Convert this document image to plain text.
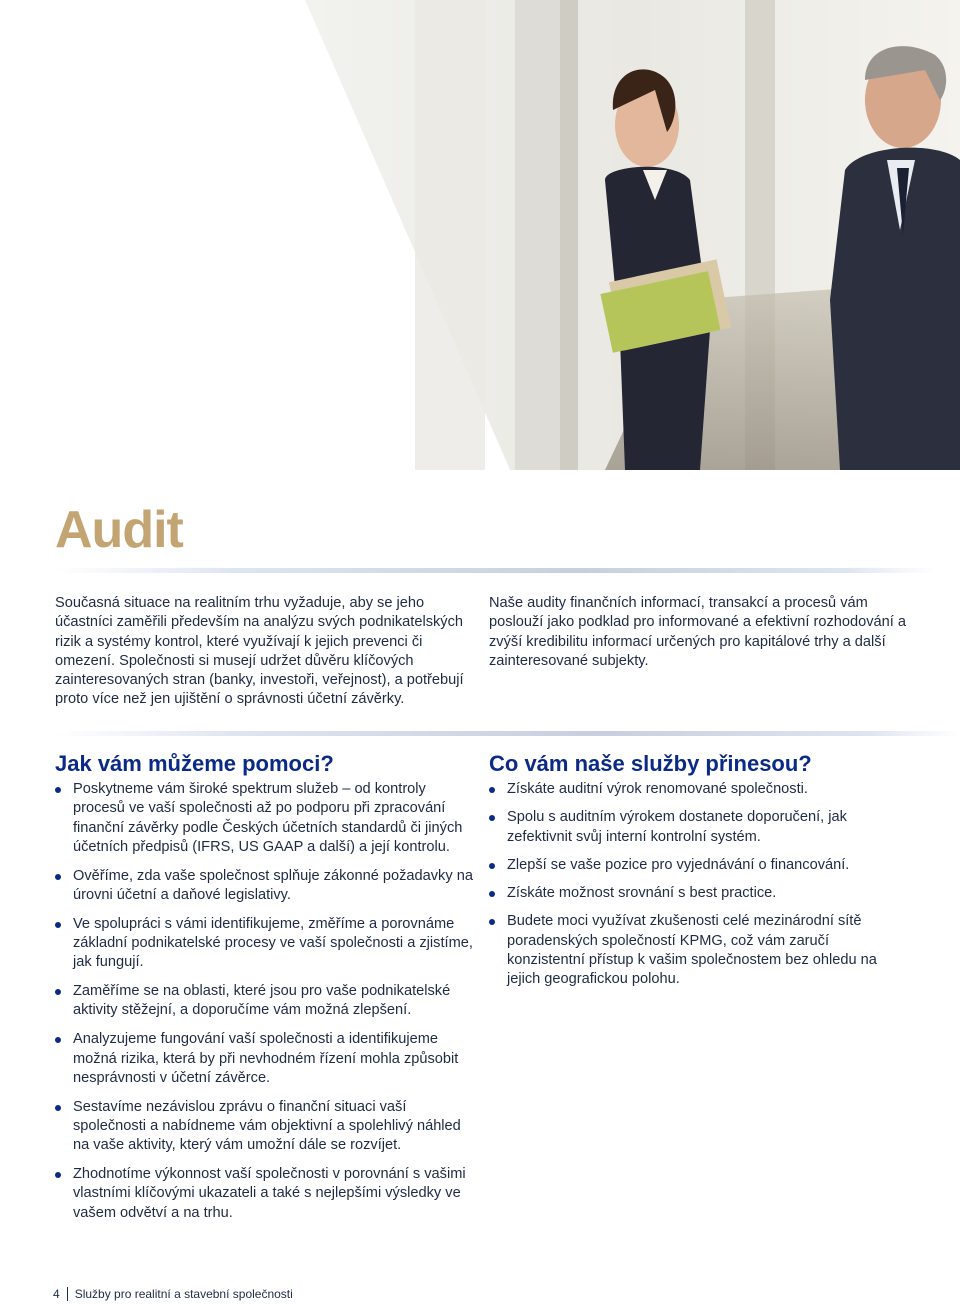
Audit

Současná situace na realitním trhu vyžaduje, aby se jeho účastníci zaměřili především na analýzu svých podnikatelských rizik a systémy kontrol, které využívají k jejich prevenci či omezení. Společnosti si musejí udržet důvěru klíčových zainteresovaných stran (banky, investoři, veřejnost), a potřebují proto více než jen ujištění o správnosti účetní závěrky.

Naše audity finančních informací, transakcí a procesů vám poslouží jako podklad pro informované a efektivní rozhodování a zvýší kredibilitu informací určených pro kapitálové trhy a další zainteresované subjekty.

Jak vám můžeme pomoci?
Poskytneme vám široké spektrum služeb – od kontroly procesů ve vaší společnosti až po podporu při zpracování finanční závěrky podle Českých účetních standardů či jiných účetních předpisů (IFRS, US GAAP a další) a její kontrolu.
Ověříme, zda vaše společnost splňuje zákonné požadavky na úrovni účetní a daňové legislativy.
Ve spolupráci s vámi identifikujeme, změříme a porovnáme základní podnikatelské procesy ve vaší společnosti a zjistíme, jak fungují.
Zaměříme se na oblasti, které jsou pro vaše podnikatelské aktivity stěžejní, a doporučíme vám možná zlepšení.
Analyzujeme fungování vaší společnosti a identifikujeme možná rizika, která by při nevhodném řízení mohla způsobit nesprávnosti v účetní závěrce.
Sestavíme nezávislou zprávu o finanční situaci vaší společnosti a nabídneme vám objektivní a spolehlivý náhled na vaše aktivity, který vám umožní dále se rozvíjet.
Zhodnotíme výkonnost vaší společnosti v porovnání s vašimi vlastními klíčovými ukazateli a také s nejlepšími výsledky ve vašem odvětví a na trhu.
Co vám naše služby přinesou?
Získáte auditní výrok renomované společnosti.
Spolu s auditním výrokem dostanete doporučení, jak zefektivnit svůj interní kontrolní systém.
Zlepší se vaše pozice pro vyjednávání o financování.
Získáte možnost srovnání s best practice.
Budete moci využívat zkušenosti celé mezinárodní sítě poradenských společností KPMG, což vám zaručí konzistentní přístup k vašim společnostem bez ohledu na jejich geografickou polohu.
4 Služby pro realitní a stavební společnosti
